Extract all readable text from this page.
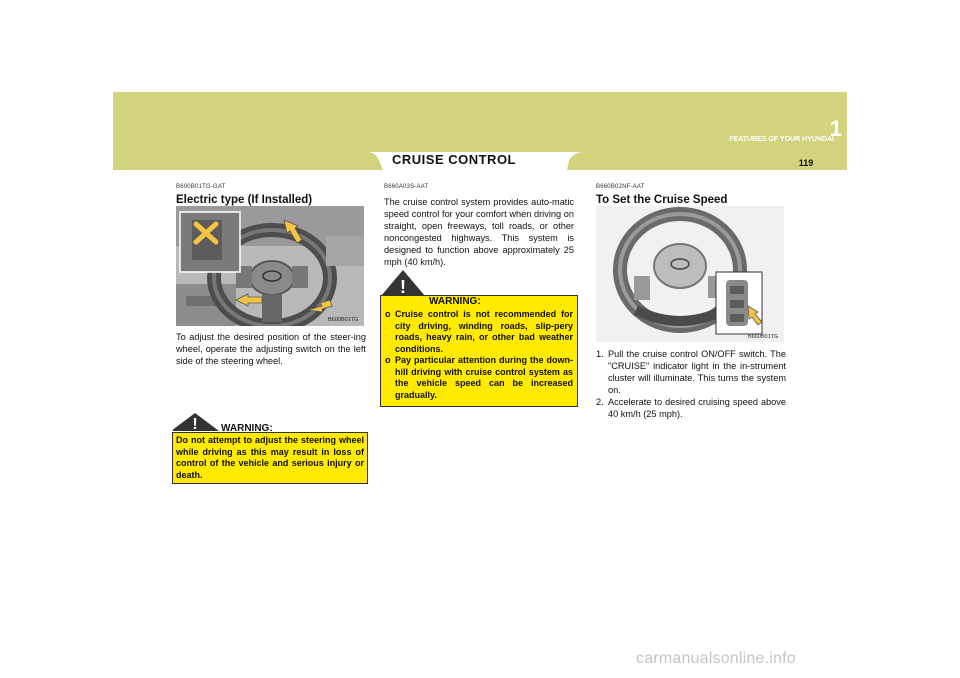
CRUISE CONTROL
1
FEATURES OF YOUR HYUNDAI
119
B600B01TG-GAT
Electric type (If Installed)
B600B01TG
To adjust the desired position of the steer-ing wheel, operate the adjusting switch on the left side of the steering wheel.
! WARNING:
Do not attempt to adjust the steering wheel while driving as this may result in loss of control of the vehicle and serious injury or death.
B660A03S-AAT
The cruise control system provides auto-matic speed control for your comfort when driving on straight, open freeways, toll roads, or other noncongested highways. This system is designed to function above approximately 25 mph (40 km/h).
!
WARNING:
o Cruise control is not recommended for city driving, winding roads, slip-pery roads, heavy rain, or other bad weather conditions.
o Pay particular attention during the down-hill driving with cruise control system as the vehicle speed can be increased gradually.
B660B02NF-AAT
To Set the Cruise Speed
B660B01TG
1. Pull the cruise control ON/OFF switch. The "CRUISE" indicator light in the in-strument cluster will illuminate. This turns the system on.
2. Accelerate to desired cruising speed above 40 km/h (25 mph).
carmanualsonline.info
